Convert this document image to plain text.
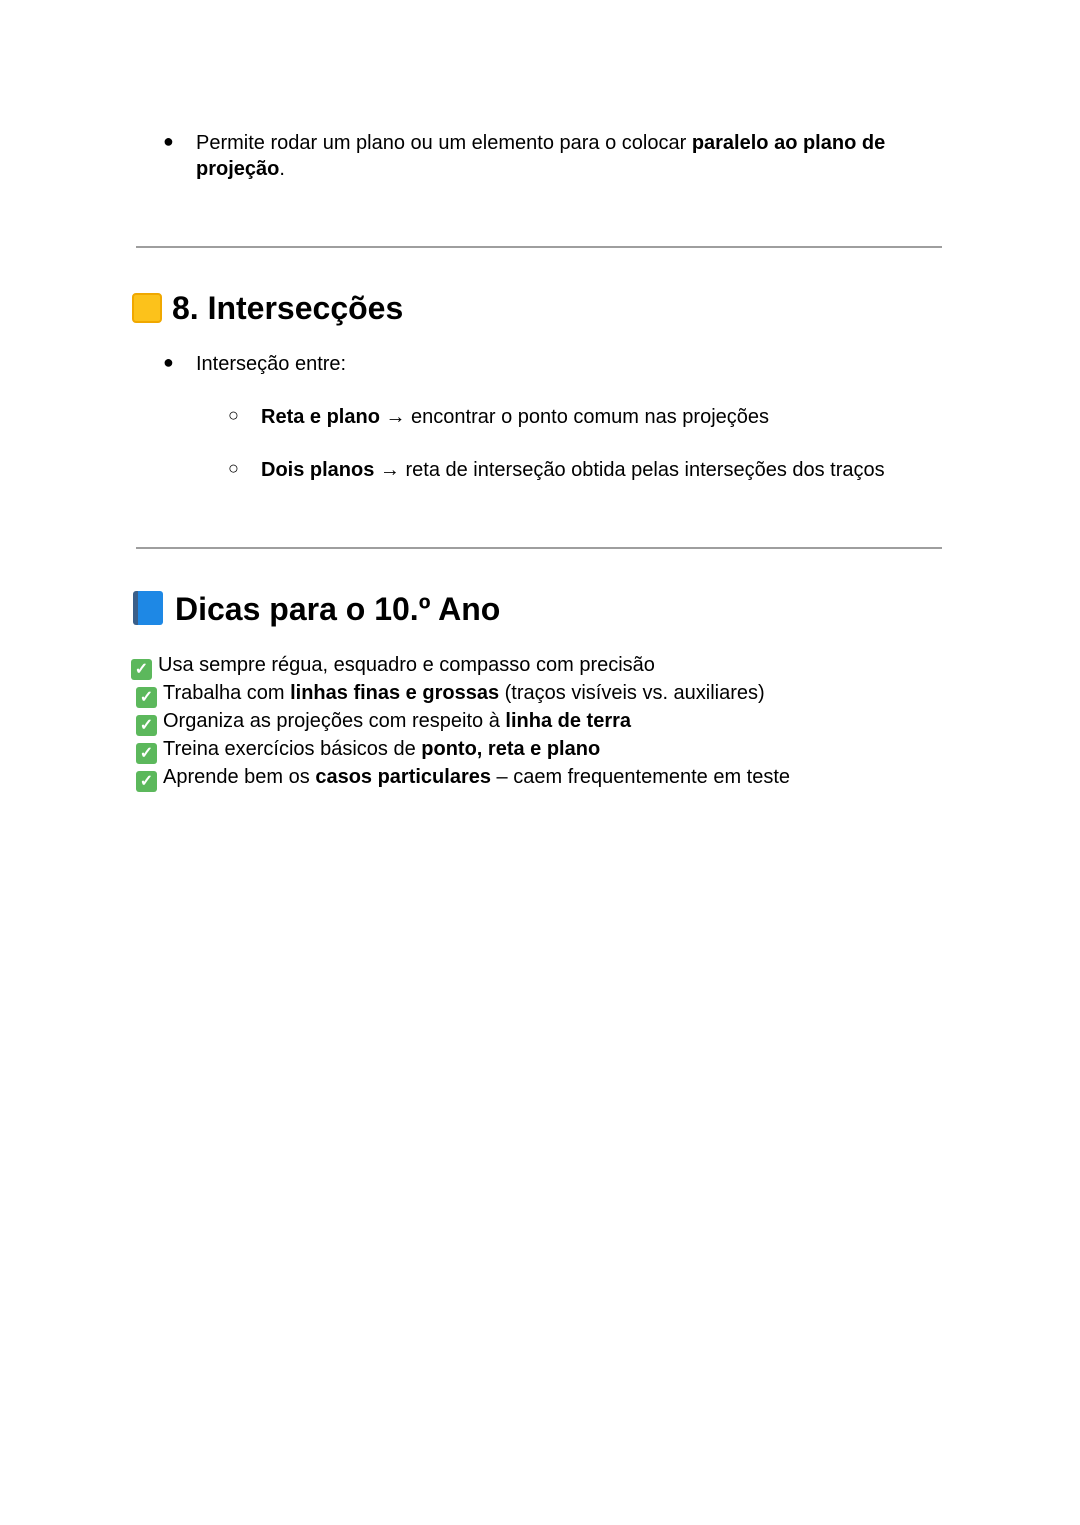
● Permite rodar um plano ou um elemento para o colocar paralelo ao plano de
projeção.
8. Intersecções
● Interseção entre:
○ Reta e plano → encontrar o ponto comum nas projeções
○ Dois planos → reta de interseção obtida pelas interseções dos traços
Dicas para o 10.º Ano
✓ Usa sempre régua, esquadro e compasso com precisão
✓ Trabalha com linhas finas e grossas (traços visíveis vs. auxiliares)
✓ Organiza as projeções com respeito à linha de terra
✓ Treina exercícios básicos de ponto, reta e plano
✓ Aprende bem os casos particulares – caem frequentemente em teste
